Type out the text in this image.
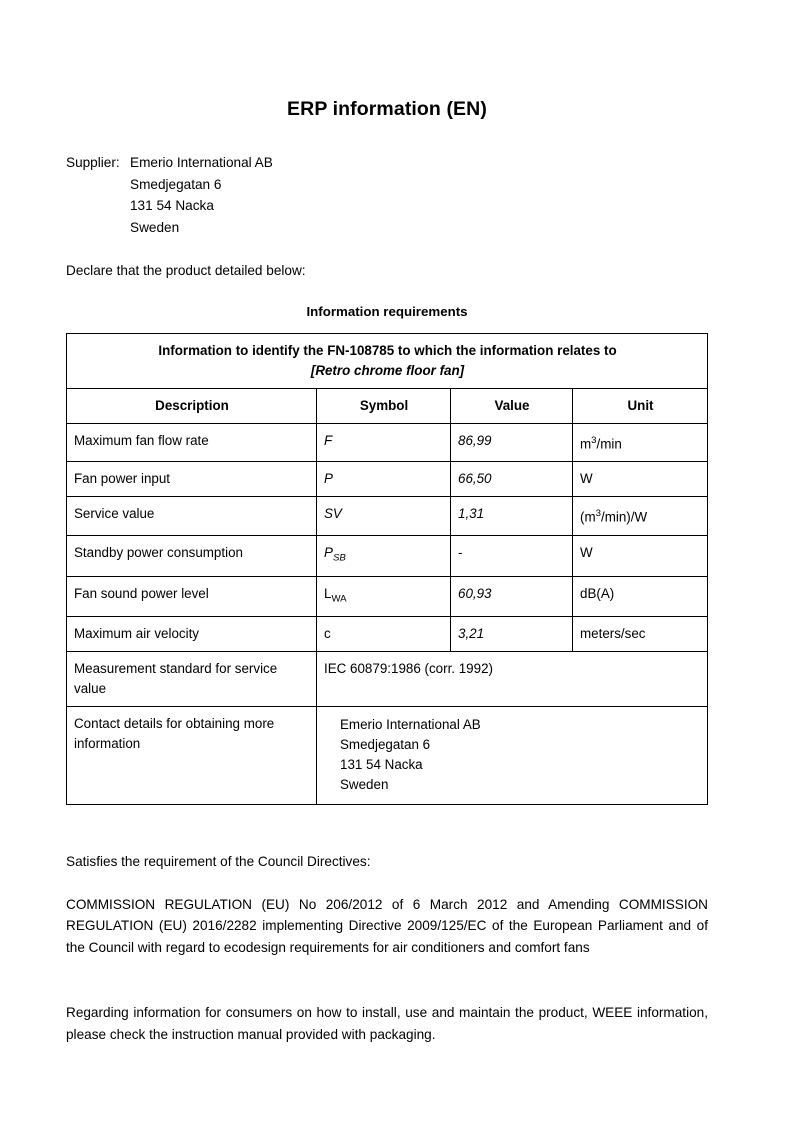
ERP information (EN)
Supplier: Emerio International AB
Smedjegatan 6
131 54 Nacka
Sweden
Declare that the product detailed below:
Information requirements
Information to identify the FN-108785 to which the information relates to
[Retro chrome floor fan]			
Description	Symbol	Value	Unit
Maximum fan flow rate	F	86,99	$m^3/\min$
Fan power input	P	66,50	W
Service value	SV	1,31	$(m^3/\min)/W$
Standby power consumption	$P_{SB}$	-	W
Fan sound power level	$L_{WA}$	60,93	dB(A)
Maximum air velocity	c	3,21	meters/sec
Measurement standard for service value	IEC 60879:1986 (corr. 1992)		
Contact details for obtaining more information	Emerio International AB
Smedjegatan 6
131 54 Nacka
Sweden		

Satisfies the requirement of the Council Directives:

COMMISSION REGULATION (EU) No 206/2012 of 6 March 2012 and Amending COMMISSION REGULATION (EU) 2016/2282 implementing Directive 2009/125/EC of the European Parliament and of the Council with regard to ecodesign requirements for air conditioners and comfort fans

Regarding information for consumers on how to install, use and maintain the product, WEEE information, please check the instruction manual provided with packaging.
